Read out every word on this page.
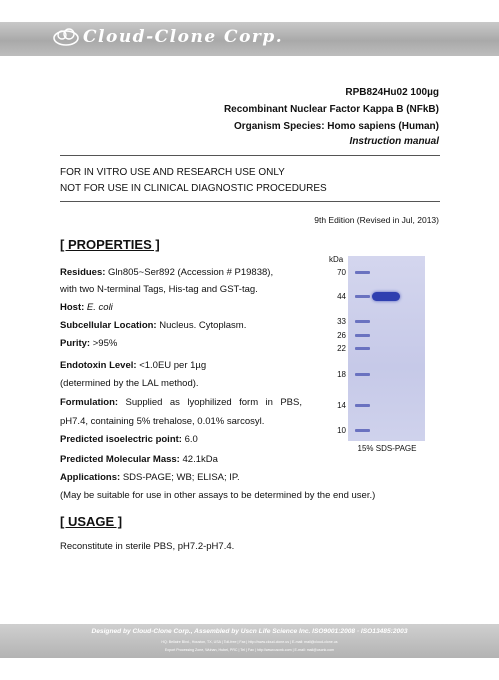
Cloud-Clone Corp.
RPB824Hu02 100µg
Recombinant Nuclear Factor Kappa B (NFkB)
Organism Species: Homo sapiens (Human)
Instruction manual
FOR IN VITRO USE AND RESEARCH USE ONLY
NOT FOR USE IN CLINICAL DIAGNOSTIC PROCEDURES
9th Edition (Revised in Jul, 2013)
[ PROPERTIES ]
Residues: Gln805~Ser892 (Accession # P19838),
with two N-terminal Tags, His-tag and GST-tag.
Host: E. coli
Subcellular Location: Nucleus. Cytoplasm.
Purity: >95%
Endotoxin Level: <1.0EU per 1µg
(determined by the LAL method).
Formulation: Supplied as lyophilized form in PBS,
pH7.4, containing 5% trehalose, 0.01% sarcosyl.
Predicted isoelectric point: 6.0
Predicted Molecular Mass: 42.1kDa
Applications: SDS-PAGE; WB; ELISA; IP.
(May be suitable for use in other assays to be determined by the end user.)
kDa
70
44
33
26
22
18
14
10
15% SDS-PAGE
[ USAGE ]
Reconstitute in sterile PBS, pH7.2-pH7.4.
Designed by Cloud-Clone Corp., Assembled by Uscn Life Science Inc. ISO9001:2008 · ISO13485:2003
HQ: Bellaire Blvd., Houston, TX, USA | Toll-free | Fax | http://www.cloud-clone.us | E-mail: mail@cloud-clone.us
Export Processing Zone, Wuhan, Hubei, PRC | Tel | Fax | http://www.uscnk.com | E-mail: mail@uscnk.com
